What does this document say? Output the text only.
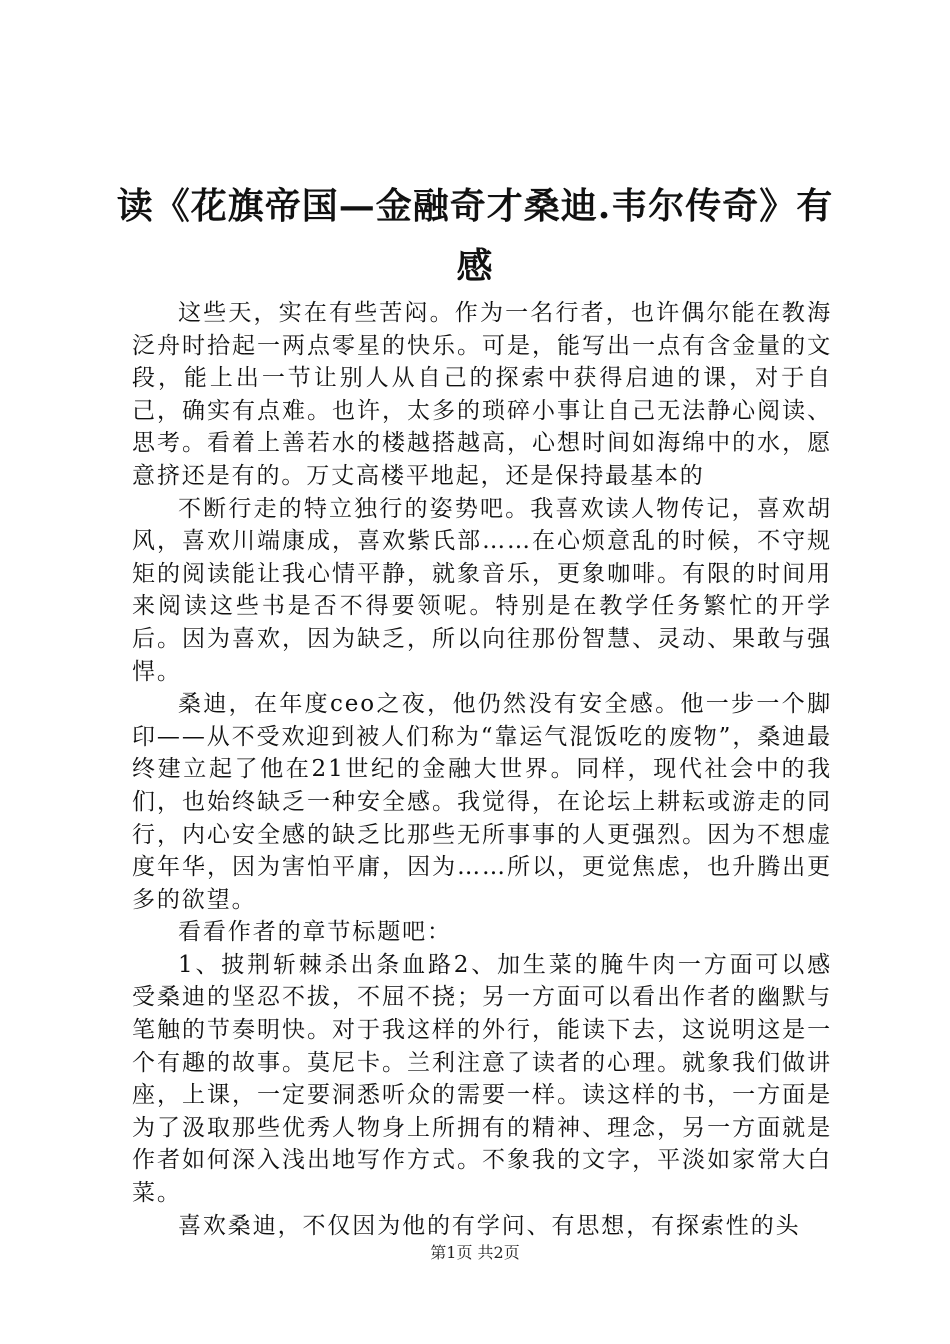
读《花旗帝国—金融奇才桑迪.韦尔传奇》有感

这些天，实在有些苦闷。作为一名行者，也许偶尔能在教海泛舟时拾起一两点零星的快乐。可是，能写出一点有含金量的文段，能上出一节让别人从自己的探索中获得启迪的课，对于自己，确实有点难。也许，太多的琐碎小事让自己无法静心阅读、思考。看着上善若水的楼越搭越高，心想时间如海绵中的水，愿意挤还是有的。万丈高楼平地起，还是保持最基本的

不断行走的特立独行的姿势吧。我喜欢读人物传记，喜欢胡风，喜欢川端康成，喜欢紫氏部……在心烦意乱的时候，不守规矩的阅读能让我心情平静，就象音乐，更象咖啡。有限的时间用来阅读这些书是否不得要领呢。特别是在教学任务繁忙的开学后。因为喜欢，因为缺乏，所以向往那份智慧、灵动、果敢与强悍。

桑迪，在年度ceo之夜，他仍然没有安全感。他一步一个脚印——从不受欢迎到被人们称为“靠运气混饭吃的废物”，桑迪最终建立起了他在21世纪的金融大世界。同样，现代社会中的我们，也始终缺乏一种安全感。我觉得，在论坛上耕耘或游走的同行，内心安全感的缺乏比那些无所事事的人更强烈。因为不想虚度年华，因为害怕平庸，因为……所以，更觉焦虑，也升腾出更多的欲望。

看看作者的章节标题吧：

1、披荆斩棘杀出条血路2、加生菜的腌牛肉一方面可以感受桑迪的坚忍不拔，不屈不挠；另一方面可以看出作者的幽默与笔触的节奏明快。对于我这样的外行，能读下去，这说明这是一个有趣的故事。莫尼卡。兰利注意了读者的心理。就象我们做讲座，上课，一定要洞悉听众的需要一样。读这样的书，一方面是为了汲取那些优秀人物身上所拥有的精神、理念，另一方面就是作者如何深入浅出地写作方式。不象我的文字，平淡如家常大白菜。

喜欢桑迪，不仅因为他的有学问、有思想，有探索性的头

第1页 共2页
